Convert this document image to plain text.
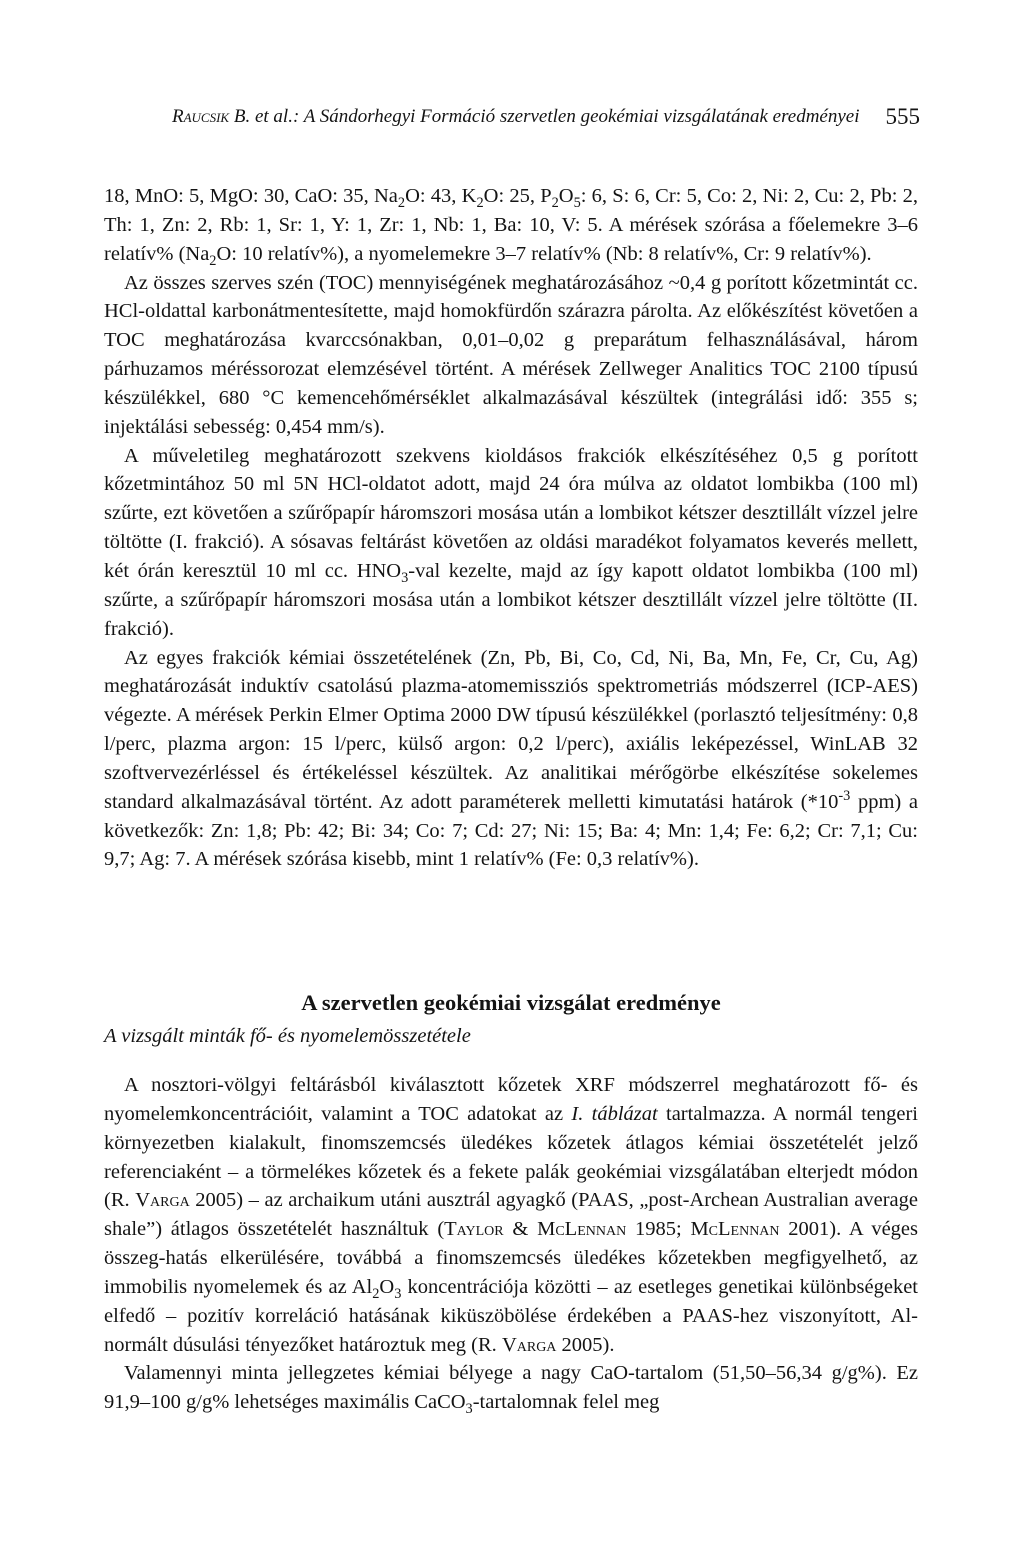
Raucsik B. et al.: A Sándorhegyi Formáció szervetlen geokémiai vizsgálatának eredményei 555

18, MnO: 5, MgO: 30, CaO: 35, $Na_2O$: 43, $K_2O$: 25, $P_2O_5$: 6, S: 6, Cr: 5, Co: 2, Ni: 2, Cu: 2, Pb: 2, Th: 1, Zn: 2, Rb: 1, Sr: 1, Y: 1, Zr: 1, Nb: 1, Ba: 10, V: 5. A mérések szórása a főelemekre 3–6 relatív% ($Na_2O$: 10 relatív%), a nyomelemekre 3–7 relatív% (Nb: 8 relatív%, Cr: 9 relatív%).

Az összes szerves szén (TOC) mennyiségének meghatározásához ~0,4 g porított kőzetmintát cc. HCl-oldattal karbonátmentesítette, majd homokfürdőn szárazra párolta. Az előkészítést követően a TOC meghatározása kvarccsónakban, 0,01–0,02 g preparátum felhasználásával, három párhuzamos méréssorozat elemzésével történt. A mérések Zellweger Analitics TOC 2100 típusú készülékkel, 680 °C kemencehőmérséklet alkalmazásával készültek (integrálási idő: 355 s; injektálási sebesség: 0,454 mm/s).

A műveletileg meghatározott szekvens kioldásos frakciók elkészítéséhez 0,5 g porított kőzetmintához 50 ml 5N HCl-oldatot adott, majd 24 óra múlva az oldatot lombikba (100 ml) szűrte, ezt követően a szűrőpapír háromszori mosása után a lombikot kétszer desztillált vízzel jelre töltötte (I. frakció). A sósavas feltárást követően az oldási maradékot folyamatos keverés mellett, két órán keresztül 10 ml cc. $HNO_3$-val kezelte, majd az így kapott oldatot lombikba (100 ml) szűrte, a szűrőpapír háromszori mosása után a lombikot kétszer desztillált vízzel jelre töltötte (II. frakció).

Az egyes frakciók kémiai összetételének (Zn, Pb, Bi, Co, Cd, Ni, Ba, Mn, Fe, Cr, Cu, Ag) meghatározását induktív csatolású plazma-atomemissziós spektrometriás módszerrel (ICP-AES) végezte. A mérések Perkin Elmer Optima 2000 DW típusú készülékkel (porlasztó teljesítmény: 0,8 l/perc, plazma argon: 15 l/perc, külső argon: 0,2 l/perc), axiális leképezéssel, WinLAB 32 szoftvervezérléssel és értékeléssel készültek. Az analitikai mérőgörbe elkészítése sokelemes standard alkalmazásával történt. Az adott paraméterek melletti kimutatási határok ($*10^{-3}$ ppm) a következők: Zn: 1,8; Pb: 42; Bi: 34; Co: 7; Cd: 27; Ni: 15; Ba: 4; Mn: 1,4; Fe: 6,2; Cr: 7,1; Cu: 9,7; Ag: 7. A mérések szórása kisebb, mint 1 relatív% (Fe: 0,3 relatív%).

A szervetlen geokémiai vizsgálat eredménye
A vizsgált minták fő- és nyomelemösszetétele

A nosztori-völgyi feltárásból kiválasztott kőzetek XRF módszerrel meghatározott fő- és nyomelemkoncentrációit, valamint a TOC adatokat az I. táblázat tartalmazza. A normál tengeri környezetben kialakult, finomszemcsés üledékes kőzetek átlagos kémiai összetételét jelző referenciaként – a törmelékes kőzetek és a fekete palák geokémiai vizsgálatában elterjedt módon (R. Varga 2005) – az archaikum utáni ausztrál agyagkő (PAAS, „post-Archean Australian average shale”) átlagos összetételét használtuk (Taylor & McLennan 1985; McLennan 2001). A véges összeg-hatás elkerülésére, továbbá a finomszemcsés üledékes kőzetekben megfigyelhető, az immobilis nyomelemek és az $Al_2O_3$ koncentrációja közötti – az esetleges genetikai különbségeket elfedő – pozitív korreláció hatásának kiküszöbölése érdekében a PAAS-hez viszonyított, Al-normált dúsulási tényezőket határoztuk meg (R. Varga 2005).

Valamennyi minta jellegzetes kémiai bélyege a nagy CaO-tartalom (51,50–56,34 g/g%). Ez 91,9–100 g/g% lehetséges maximális CaCO$_3$-tartalomnak felel meg
